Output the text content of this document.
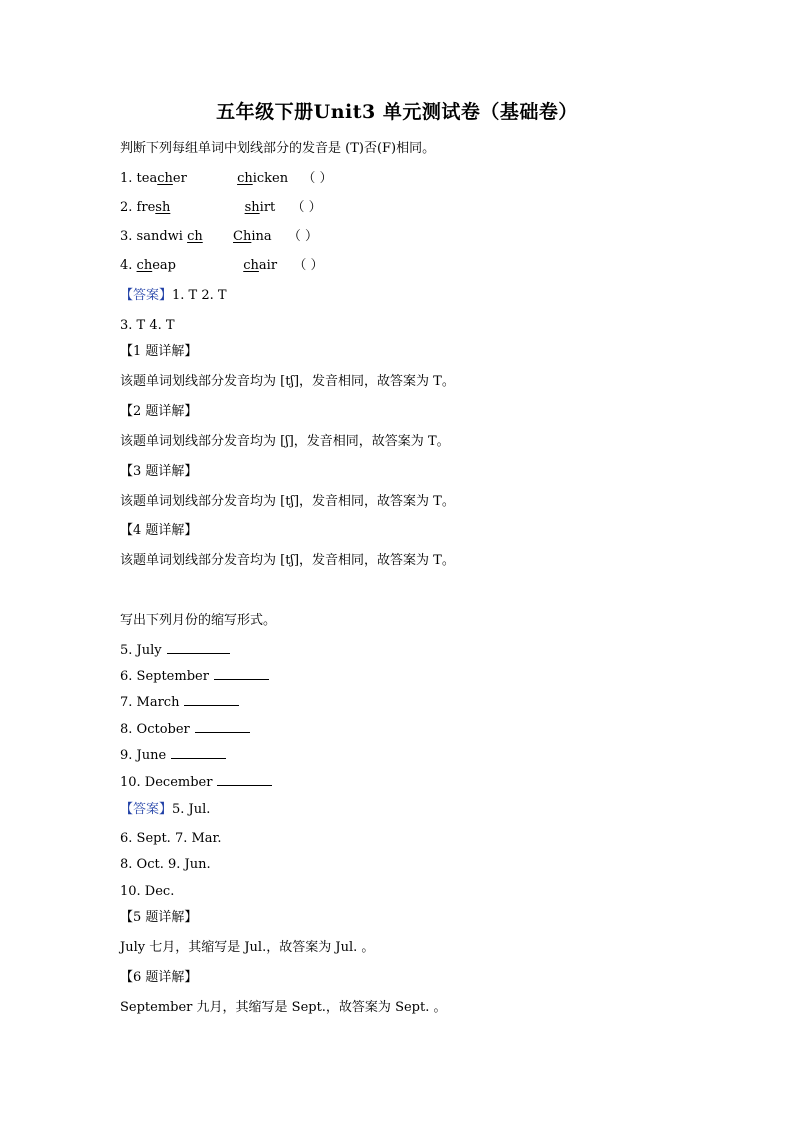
五年级下册Unit3 单元测试卷（基础卷）
判断下列每组单词中划线部分的发音是 (T)否(F)相同。
1. teacher	chicken （ ）
2. fresh	shirt （ ）
3. sandwi ch China （ ）
4. cheap	chair （ ）
【答案】1. T 2. T
3. T 4. T
【1 题详解】
该题单词划线部分发音均为 [tʃ]，发音相同，故答案为 T。
【2 题详解】
该题单词划线部分发音均为 [ʃ]，发音相同，故答案为 T。
【3 题详解】
该题单词划线部分发音均为 [tʃ]，发音相同，故答案为 T。
【4 题详解】
该题单词划线部分发音均为 [tʃ]，发音相同，故答案为 T。
写出下列月份的缩写形式。
5. July
6. September
7. March
8. October
9. June
10. December
【答案】5. Jul.
6. Sept. 7. Mar.
8. Oct. 9. Jun.
10. Dec.
【5 题详解】
July 七月，其缩写是 Jul.，故答案为 Jul. 。
【6 题详解】
September 九月，其缩写是 Sept.，故答案为 Sept. 。
